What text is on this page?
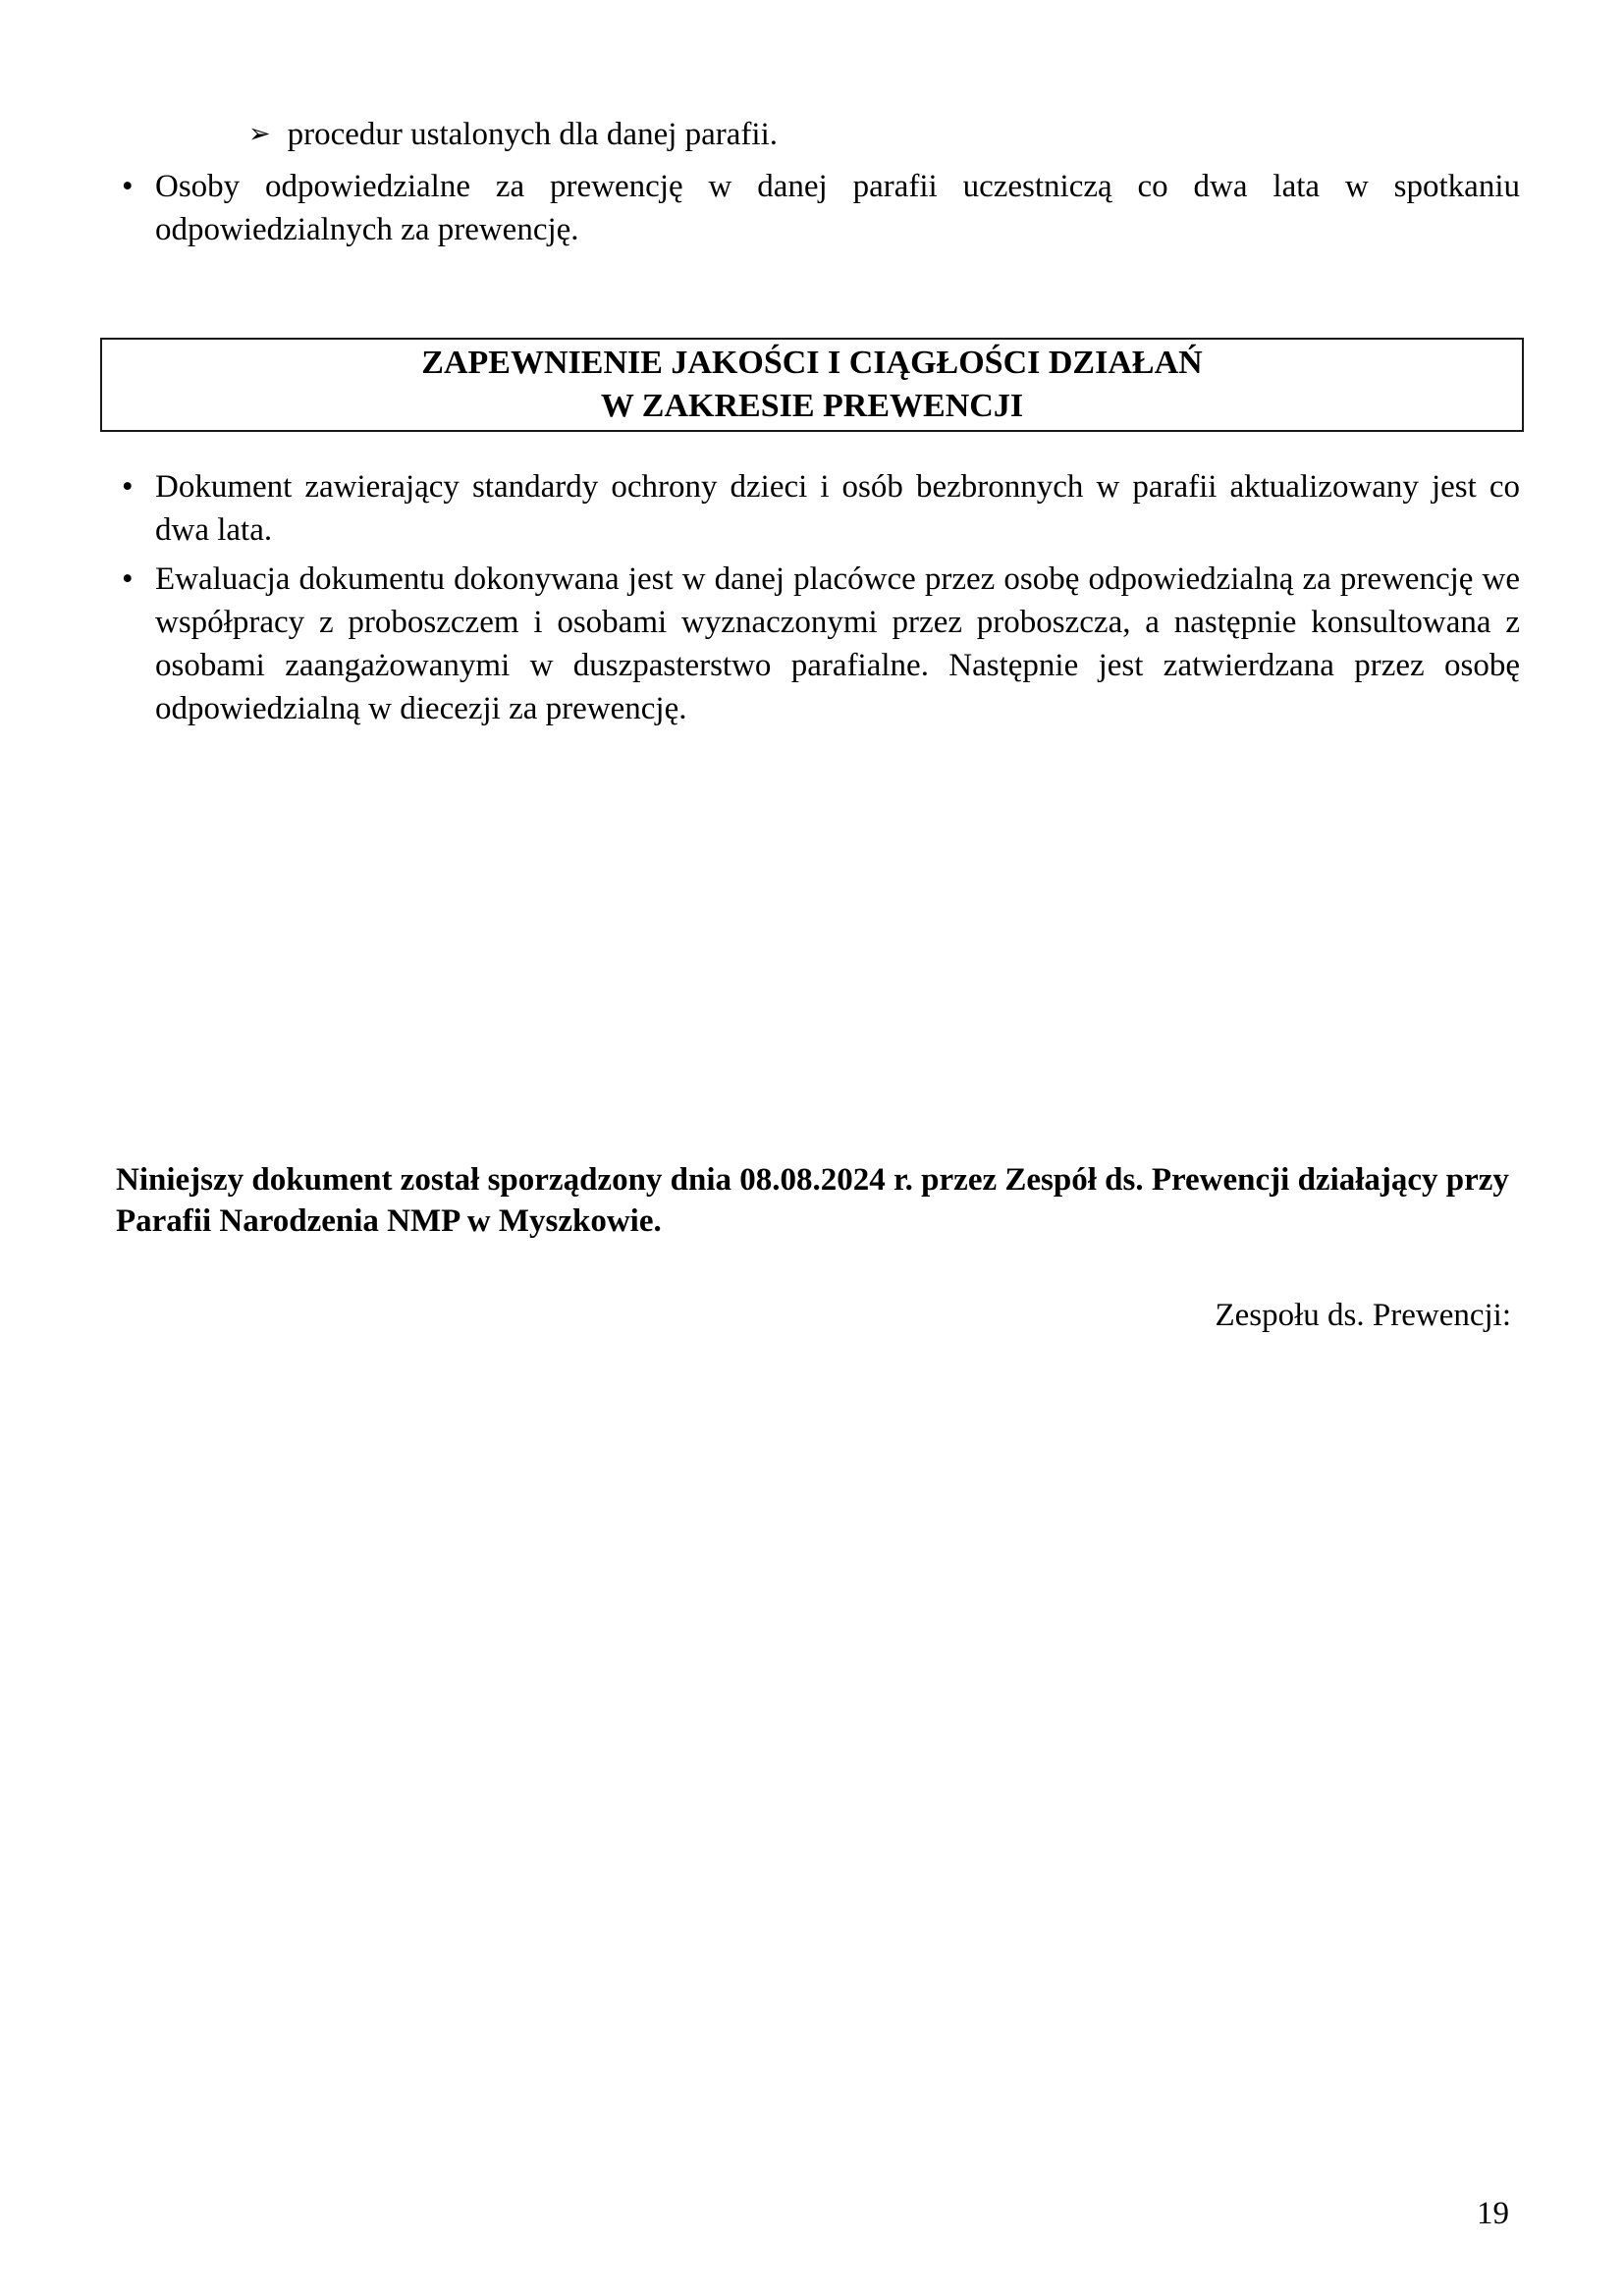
➢ procedur ustalonych dla danej parafii.
• Osoby odpowiedzialne za prewencję w danej parafii uczestniczą co dwa lata w spotkaniu odpowiedzialnych za prewencję.

ZAPEWNIENIE JAKOŚCI I CIĄGŁOŚCI DZIAŁAŃ
W ZAKRESIE PREWENCJI
• Dokument zawierający standardy ochrony dzieci i osób bezbronnych w parafii aktualizowany jest co dwa lata.

• Ewaluacja dokumentu dokonywana jest w danej placówce przez osobę odpowiedzialną za prewencję we współpracy z proboszczem i osobami wyznaczonymi przez proboszcza, a następnie konsultowana z osobami zaangażowanymi w duszpasterstwo parafialne. Następnie jest zatwierdzana przez osobę odpowiedzialną w diecezji za prewencję.

Niniejszy dokument został sporządzony dnia 08.08.2024 r. przez Zespół ds. Prewencji działający przy
Parafii Narodzenia NMP w Myszkowie.
Zespołu ds. Prewencji:
19
